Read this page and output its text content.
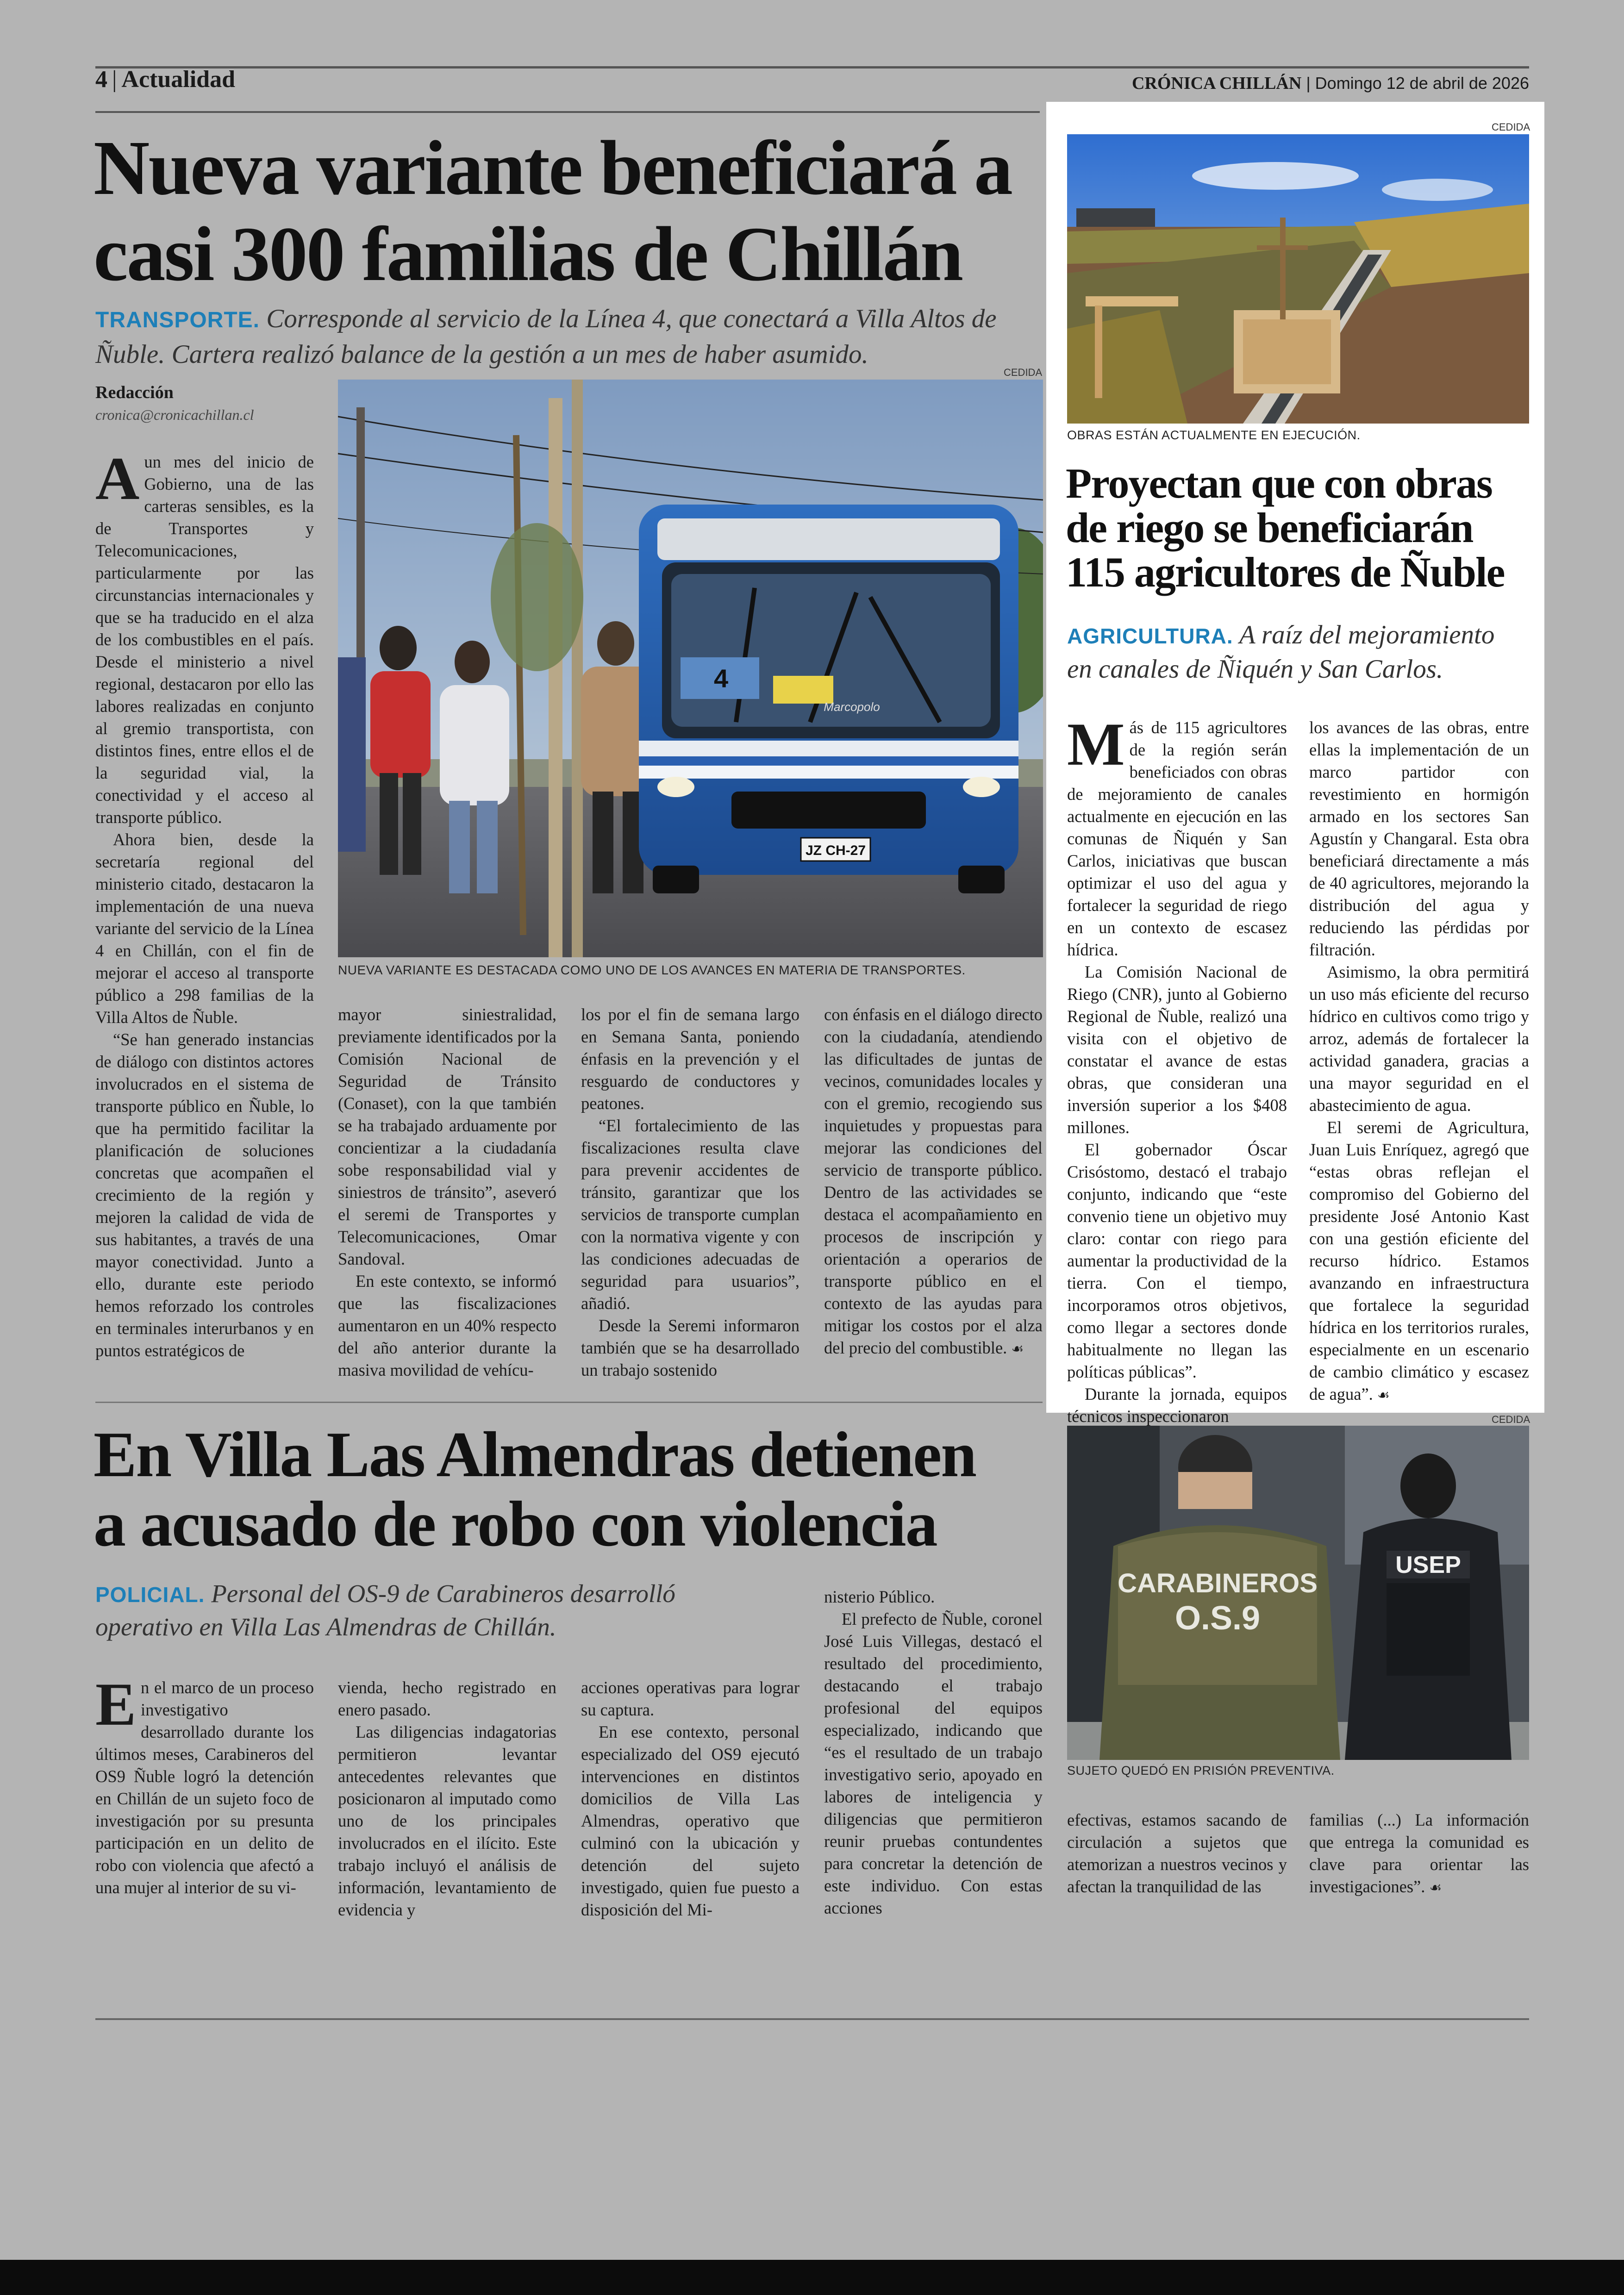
4 | Actualidad	CRÓNICA CHILLÁN | Domingo 12 de abril de 2026
Nueva variante beneficiará a
casi 300 familias de Chillán
TRANSPORTE. Corresponde al servicio de la Línea 4, que conectará a Villa Altos de
Ñuble. Cartera realizó balance de la gestión a un mes de haber asumido.
Redacción
cronica@cronicachillan.cl
CEDIDA
4
Marcopolo
JZ CH-27
NUEVA VARIANTE ES DESTACADA COMO UNO DE LOS AVANCES EN MATERIA DE TRANSPORTES.

Aun mes del inicio de Gobierno, una de las carteras sensibles, es la de Transportes y Telecomunicaciones, particularmente por las circunstancias internacionales y que se ha traducido en el alza de los combustibles en el país. Desde el ministerio a nivel regional, destacaron por ello las labores realizadas en conjunto al gremio transportista, con distintos fines, entre ellos el de la seguridad vial, la conectividad y el acceso al transporte público.

Ahora bien, desde la secretaría regional del ministerio citado, destacaron la implementación de una nueva variante del servicio de la Línea 4 en Chillán, con el fin de mejorar el acceso al transporte público a 298 familias de la Villa Altos de Ñuble.

“Se han generado instancias de diálogo con distintos actores involucrados en el sistema de transporte público en Ñuble, lo que ha permitido facilitar la planificación de soluciones concretas que acompañen el crecimiento de la región y mejoren la calidad de vida de sus habitantes, a través de una mayor conectividad. Junto a ello, durante este periodo hemos reforzado los controles en terminales interurbanos y en puntos estratégicos de

mayor siniestralidad, previamente identificados por la Comisión Nacional de Seguridad de Tránsito (Conaset), con la que también se ha trabajado arduamente por concientizar a la ciudadanía sobe responsabilidad vial y siniestros de tránsito”, aseveró el seremi de Transportes y Telecomunicaciones, Omar Sandoval.

En este contexto, se informó que las fiscalizaciones aumentaron en un 40% respecto del año anterior durante la masiva movilidad de vehícu-

los por el fin de semana largo en Semana Santa, poniendo énfasis en la prevención y el resguardo de conductores y peatones.

“El fortalecimiento de las fiscalizaciones resulta clave para prevenir accidentes de tránsito, garantizar que los servicios de transporte cumplan con la normativa vigente y con las condiciones adecuadas de seguridad para usuarios”, añadió.

Desde la Seremi informaron también que se ha desarrollado un trabajo sostenido

con énfasis en el diálogo directo con la ciudadanía, atendiendo las dificultades de juntas de vecinos, comunidades locales y con el gremio, recogiendo sus inquietudes y propuestas para mejorar las condiciones del servicio de transporte público. Dentro de las actividades se destaca el acompañamiento en procesos de inscripción y orientación a operarios de transporte público en el contexto de las ayudas para mitigar los costos por el alza del precio del combustible. ☙

CEDIDA
OBRAS ESTÁN ACTUALMENTE EN EJECUCIÓN.
Proyectan que con obras
de riego se beneficiarán
115 agricultores de Ñuble
AGRICULTURA. A raíz del mejoramiento
en canales de Ñiquén y San Carlos.

Más de 115 agricultores de la región serán beneficiados con obras de mejoramiento de canales actualmente en ejecución en las comunas de Ñiquén y San Carlos, iniciativas que buscan optimizar el uso del agua y fortalecer la seguridad de riego en un contexto de escasez hídrica.

La Comisión Nacional de Riego (CNR), junto al Gobierno Regional de Ñuble, realizó una visita con el objetivo de constatar el avance de estas obras, que consideran una inversión superior a los $408 millones.

El gobernador Óscar Crisóstomo, destacó el trabajo conjunto, indicando que “este convenio tiene un objetivo muy claro: contar con riego para aumentar la productividad de la tierra. Con el tiempo, incorporamos otros objetivos, como llegar a sectores donde habitualmente no llegan las políticas públicas”.

Durante la jornada, equipos técnicos inspeccionaron

los avances de las obras, entre ellas la implementación de un marco partidor con revestimiento en hormigón armado en los sectores San Agustín y Changaral. Esta obra beneficiará directamente a más de 40 agricultores, mejorando la distribución del agua y reduciendo las pérdidas por filtración.

Asimismo, la obra permitirá un uso más eficiente del recurso hídrico en cultivos como trigo y arroz, además de fortalecer la actividad ganadera, gracias a una mayor seguridad en el abastecimiento de agua.

El seremi de Agricultura, Juan Luis Enríquez, agregó que “estas obras reflejan el compromiso del Gobierno del presidente José Antonio Kast con una gestión eficiente del recurso hídrico. Estamos avanzando en infraestructura que fortalece la seguridad hídrica en los territorios rurales, especialmente en un escenario de cambio climático y escasez de agua”. ☙

En Villa Las Almendras detienen
a acusado de robo con violencia
POLICIAL. Personal del OS-9 de Carabineros desarrolló
operativo en Villa Las Almendras de Chillán.
CEDIDA
CARABINEROS
O.S.9
USEP
SUJETO QUEDÓ EN PRISIÓN PREVENTIVA.

En el marco de un proceso investigativo desarrollado durante los últimos meses, Carabineros del OS9 Ñuble logró la detención en Chillán de un sujeto foco de investigación por su presunta participación en un delito de robo con violencia que afectó a una mujer al interior de su vi-

vienda, hecho registrado en enero pasado.

Las diligencias indagatorias permitieron levantar antecedentes relevantes que posicionaron al imputado como uno de los principales involucrados en el ilícito. Este trabajo incluyó el análisis de información, levantamiento de evidencia y

acciones operativas para lograr su captura.

En ese contexto, personal especializado del OS9 ejecutó intervenciones en distintos domicilios de Villa Las Almendras, operativo que culminó con la ubicación y detención del sujeto investigado, quien fue puesto a disposición del Mi-

nisterio Público.

El prefecto de Ñuble, coronel José Luis Villegas, destacó el resultado del procedimiento, destacando el trabajo profesional del equipos especializado, indicando que “es el resultado de un trabajo investigativo serio, apoyado en labores de inteligencia y diligencias que permitieron reunir pruebas contundentes para concretar la detención de este individuo. Con estas acciones

efectivas, estamos sacando de circulación a sujetos que atemorizan a nuestros vecinos y afectan la tranquilidad de las

familias (...) La información que entrega la comunidad es clave para orientar las investigaciones”. ☙
